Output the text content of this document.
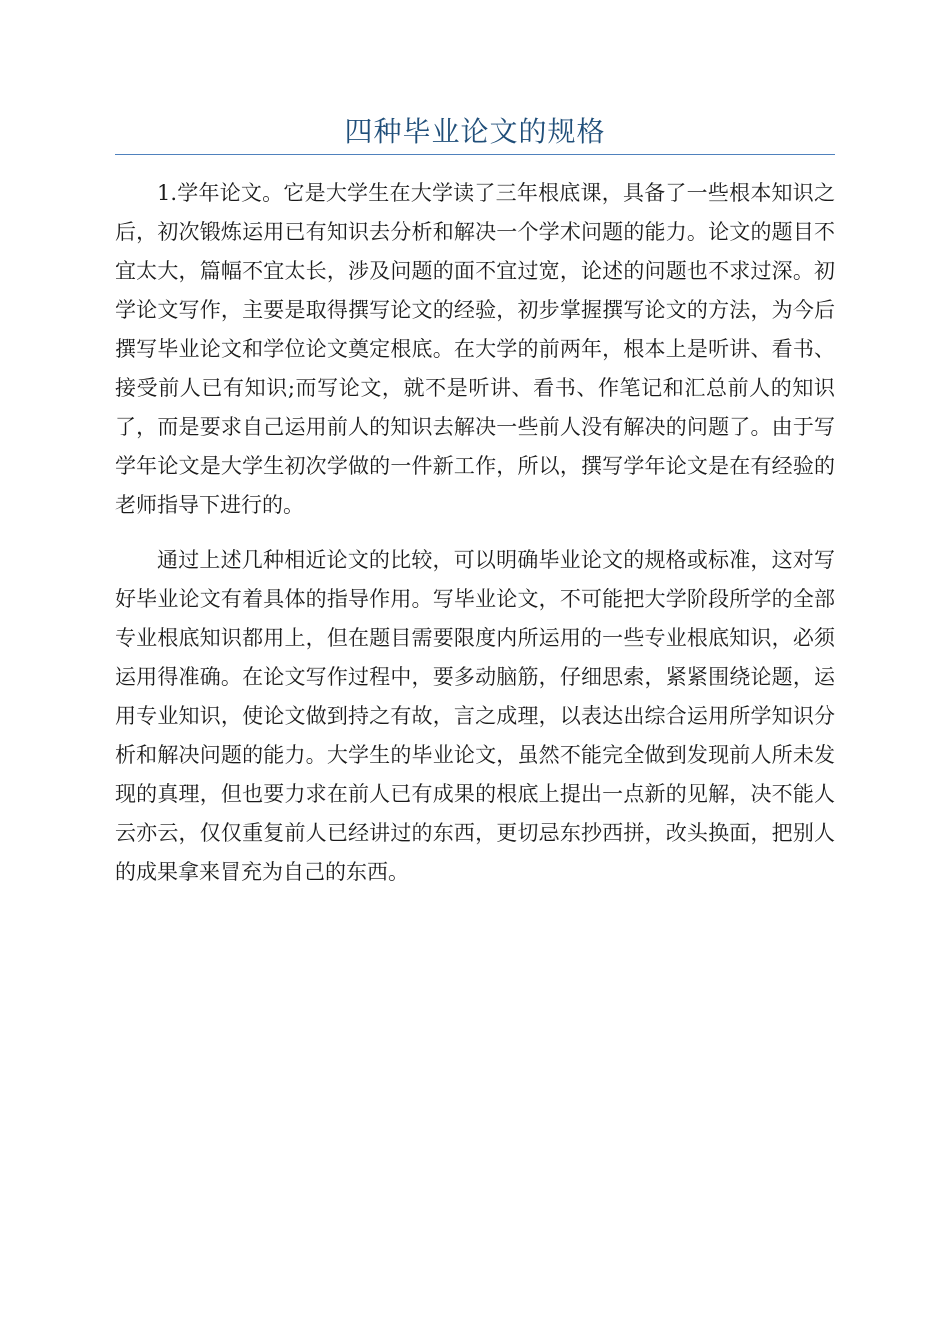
四种毕业论文的规格

1.学年论文。它是大学生在大学读了三年根底课，具备了一些根本知识之后，初次锻炼运用已有知识去分析和解决一个学术问题的能力。论文的题目不宜太大，篇幅不宜太长，涉及问题的面不宜过宽，论述的问题也不求过深。初学论文写作，主要是取得撰写论文的经验，初步掌握撰写论文的方法，为今后撰写毕业论文和学位论文奠定根底。在大学的前两年，根本上是听讲、看书、接受前人已有知识;而写论文，就不是听讲、看书、作笔记和汇总前人的知识了，而是要求自己运用前人的知识去解决一些前人没有解决的问题了。由于写学年论文是大学生初次学做的一件新工作，所以，撰写学年论文是在有经验的老师指导下进行的。

通过上述几种相近论文的比较，可以明确毕业论文的规格或标准，这对写好毕业论文有着具体的指导作用。写毕业论文，不可能把大学阶段所学的全部专业根底知识都用上，但在题目需要限度内所运用的一些专业根底知识，必须运用得准确。在论文写作过程中，要多动脑筋，仔细思索，紧紧围绕论题，运用专业知识，使论文做到持之有故，言之成理，以表达出综合运用所学知识分析和解决问题的能力。大学生的毕业论文，虽然不能完全做到发现前人所未发现的真理，但也要力求在前人已有成果的根底上提出一点新的见解，决不能人云亦云，仅仅重复前人已经讲过的东西，更切忌东抄西拼，改头换面，把别人的成果拿来冒充为自己的东西。
